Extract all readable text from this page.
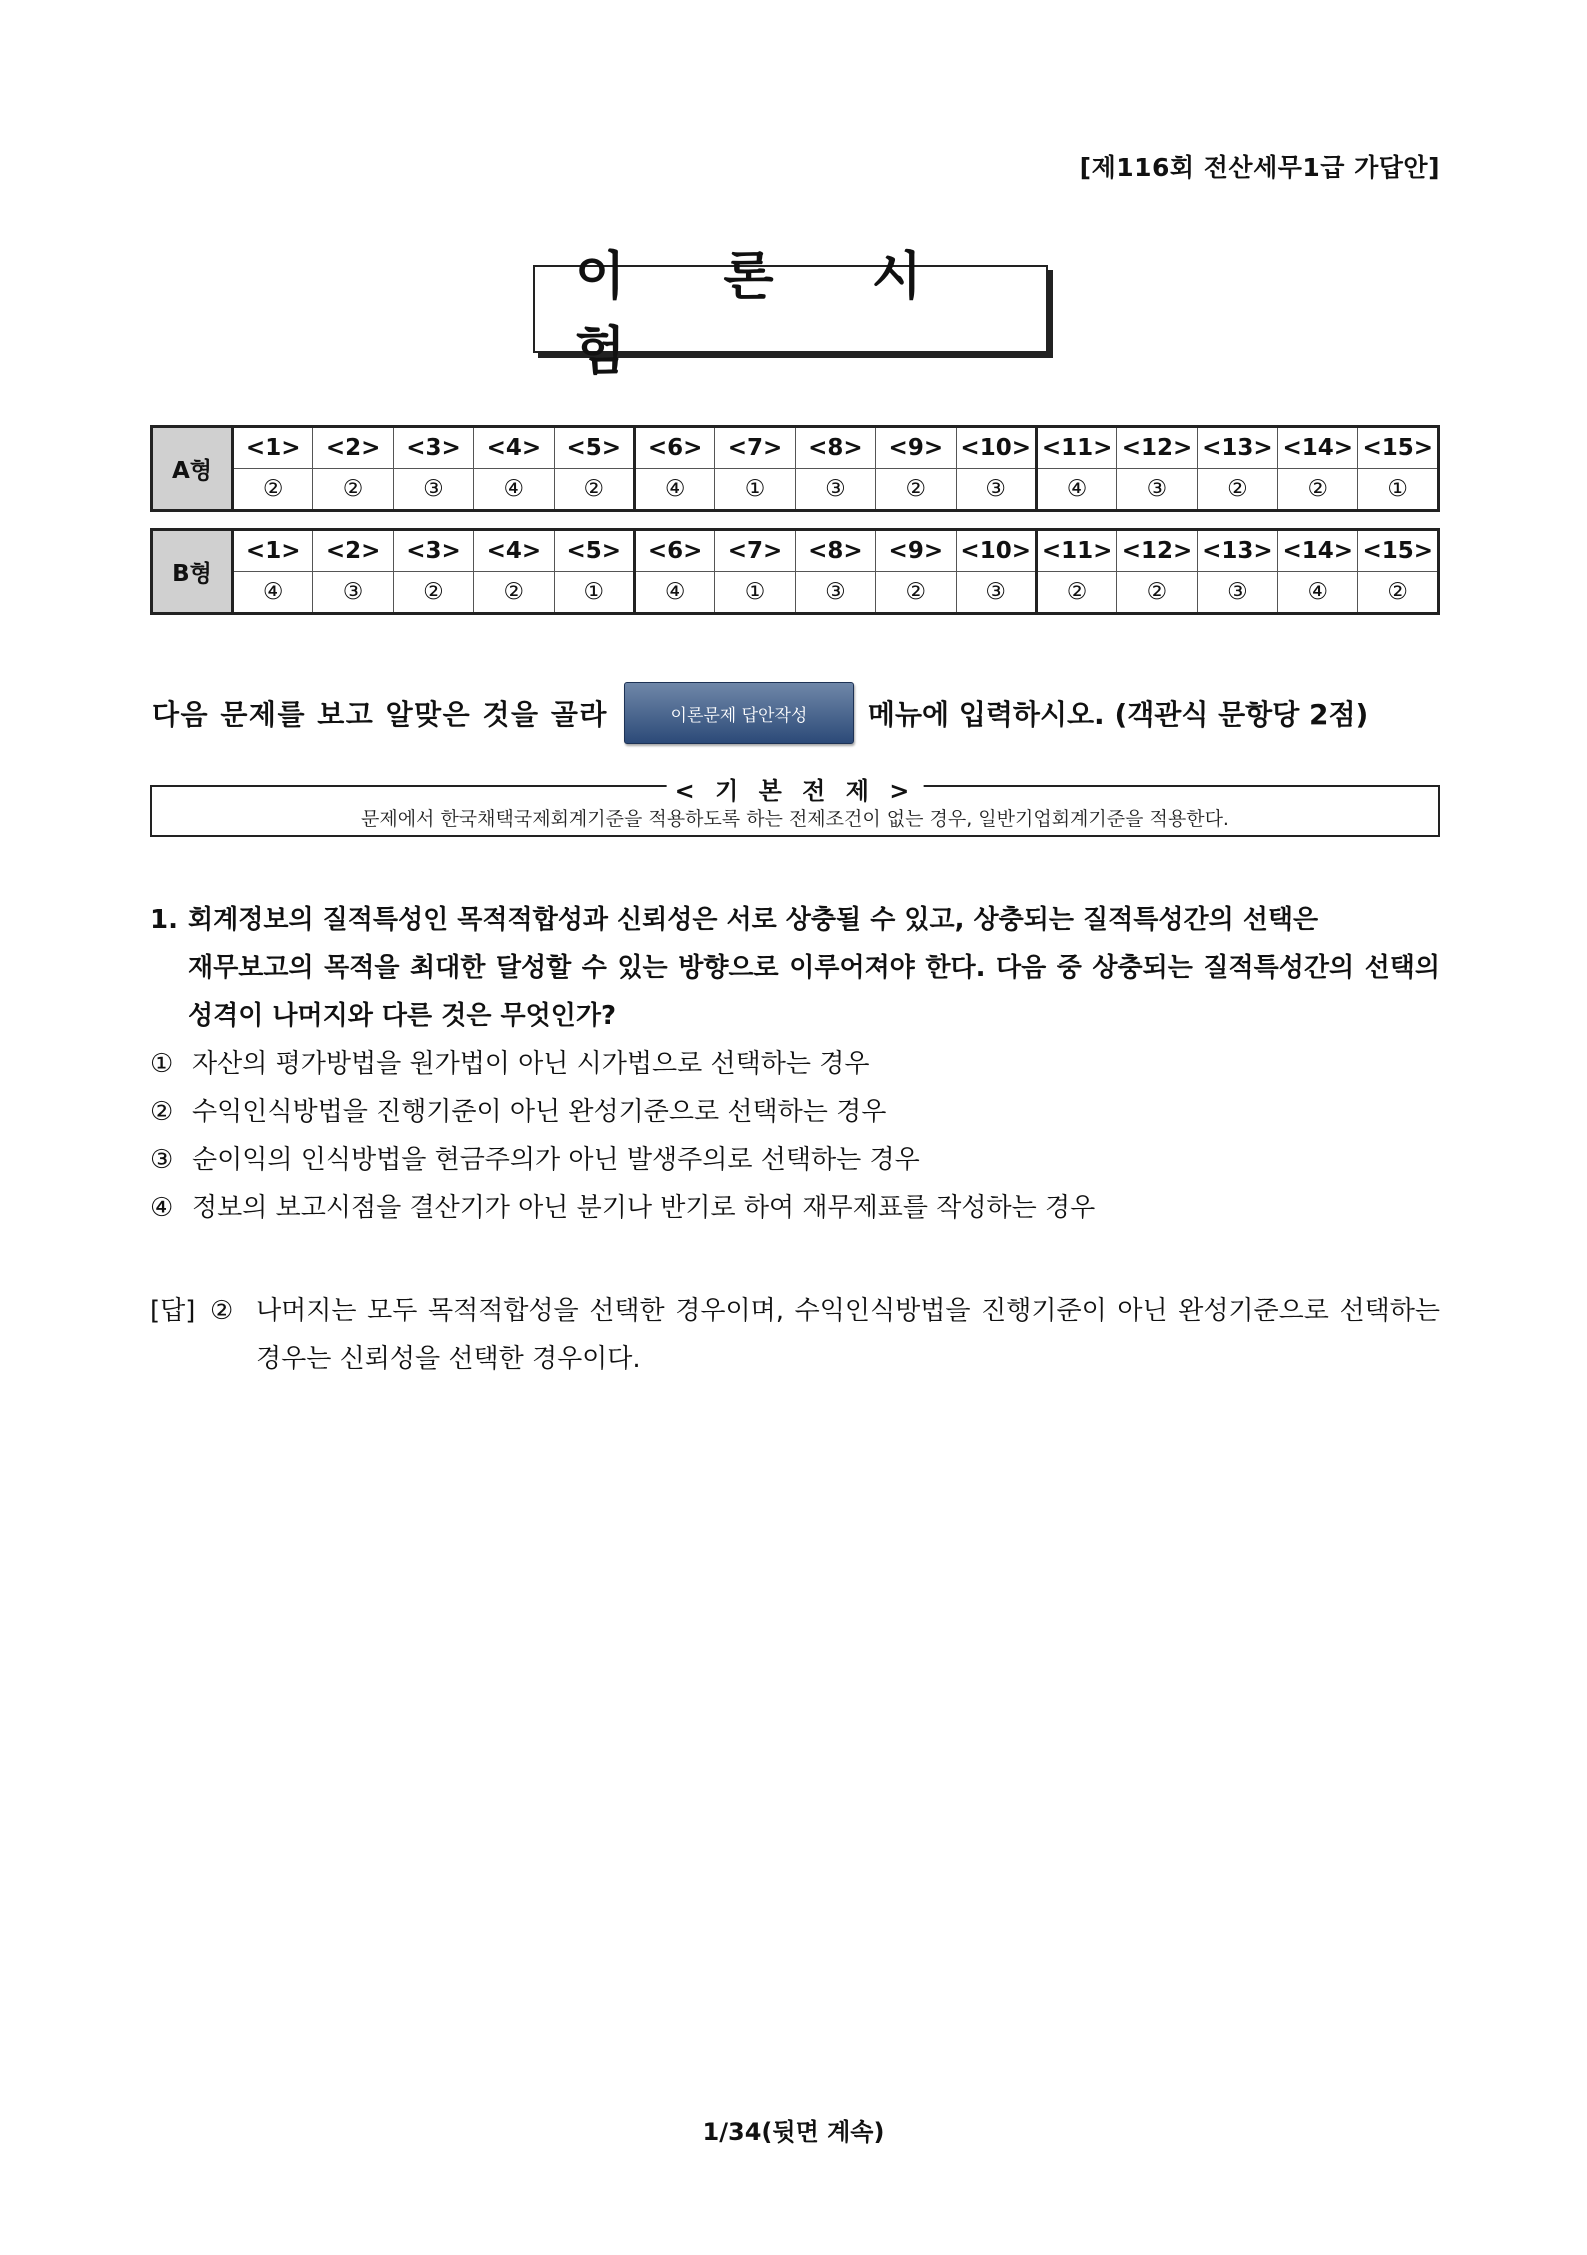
[제116회 전산세무1급 가답안]
이 론 시 험
A형	<1>	<2>	<3>	<4>	<5>	<6>	<7>	<8>	<9>	<10>	<11>	<12>	<13>	<14>	<15>
	②	②	③	④	②	④	①	③	②	③	④	③	②	②	①
B형	<1>	<2>	<3>	<4>	<5>	<6>	<7>	<8>	<9>	<10>	<11>	<12>	<13>	<14>	<15>
	④	③	②	②	①	④	①	③	②	③	②	②	③	④	②
다음 문제를 보고 알맞은 것을 골라	이론문제 답안작성	메뉴에 입력하시오. (객관식 문항당 2점)
< 기 본 전 제 >
문제에서 한국채택국제회계기준을 적용하도록 하는 전제조건이 없는 경우, 일반기업회계기준을 적용한다.
1. 회계정보의 질적특성인 목적적합성과 신뢰성은 서로 상충될 수 있고, 상충되는 질적특성간의 선택은
재무보고의 목적을 최대한 달성할 수 있는 방향으로 이루어져야 한다. 다음 중 상충되는 질적특성간의 선택의 성격이 나머지와 다른 것은 무엇인가?
① 자산의 평가방법을 원가법이 아닌 시가법으로 선택하는 경우
② 수익인식방법을 진행기준이 아닌 완성기준으로 선택하는 경우
③ 순이익의 인식방법을 현금주의가 아닌 발생주의로 선택하는 경우
④ 정보의 보고시점을 결산기가 아닌 분기나 반기로 하여 재무제표를 작성하는 경우
[답] ② 나머지는 모두 목적적합성을 선택한 경우이며, 수익인식방법을 진행기준이 아닌 완성기준으로 선택하는 경우는 신뢰성을 선택한 경우이다.
1/34(뒷면 계속)
